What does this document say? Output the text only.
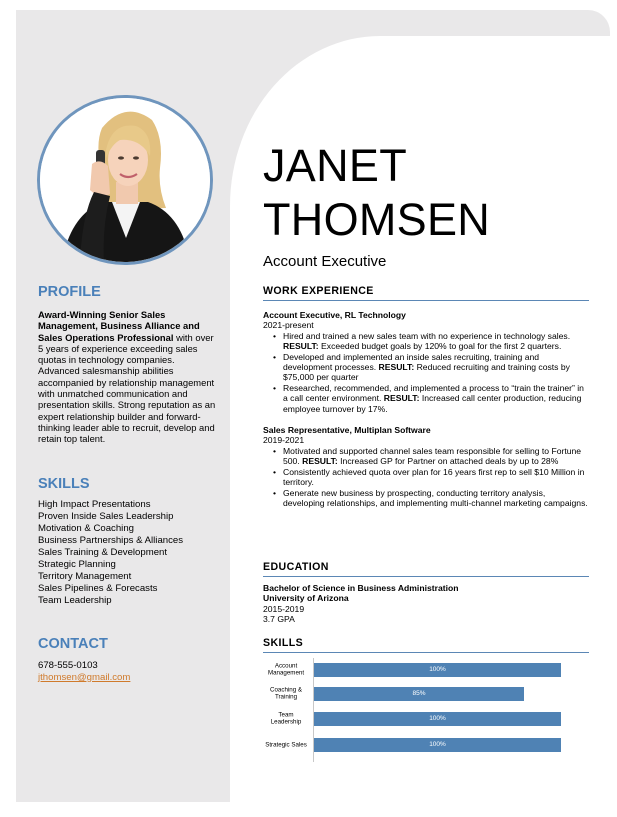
PROFILE
Award-Winning Senior Sales Management, Business Alliance and Sales Operations Professional with over 5 years of experience exceeding sales quotas in technology companies. Advanced salesmanship abilities accompanied by relationship management with unmatched communication and presentation skills. Strong reputation as an expert relationship builder and forward-thinking leader able to recruit, develop and retain top talent.
SKILLS
High Impact Presentations
Proven Inside Sales Leadership
Motivation & Coaching
Business Partnerships & Alliances
Sales Training & Development
Strategic Planning
Territory Management
Sales Pipelines & Forecasts
Team Leadership
CONTACT
678-555-0103
jthomsen@gmail.com
JANET
THOMSEN
Account Executive
WORK EXPERIENCE
Account Executive, RL Technology
2021-present
• Hired and trained a new sales team with no experience in technology sales. RESULT: Exceeded budget goals by 120% to goal for the first 2 quarters.
• Developed and implemented an inside sales recruiting, training and development processes. RESULT: Reduced recruiting and training costs by $75,000 per quarter
• Researched, recommended, and implemented a process to “train the trainer” in a call center environment. RESULT: Increased call center production, reducing employee turnover by 17%.
Sales Representative, Multiplan Software
2019-2021
• Motivated and supported channel sales team responsible for selling to Fortune 500. RESULT: Increased GP for Partner on attached deals by up to 28%
• Consistently achieved quota over plan for 16 years first rep to sell $10 Million in territory.
• Generate new business by prospecting, conducting territory analysis, developing relationships, and implementing multi-channel marketing campaigns.
EDUCATION
Bachelor of Science in Business Administration
University of Arizona
2015-2019
3.7 GPA
SKILLS
Account Management
100%
Coaching & Training
85%
Team Leadership
100%
Strategic Sales	100%
